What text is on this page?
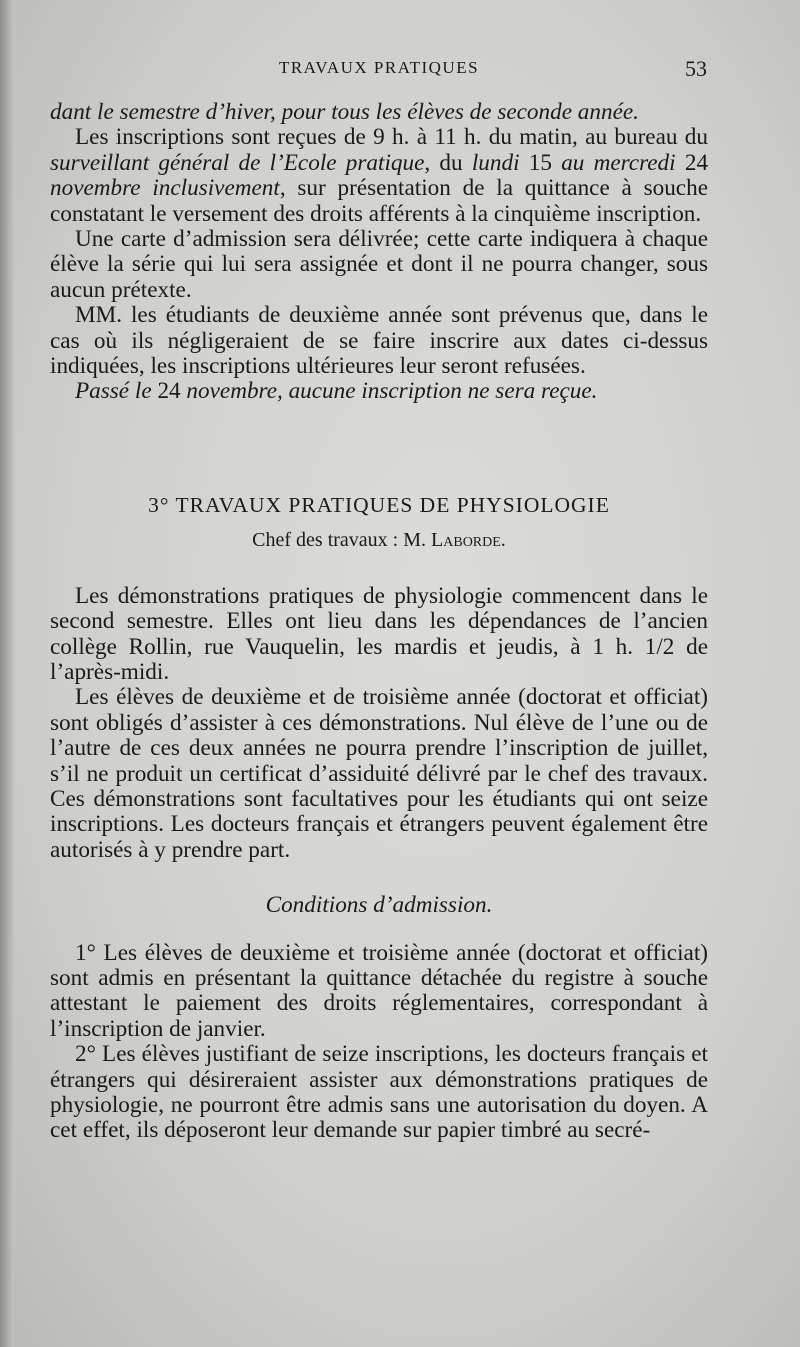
TRAVAUX PRATIQUES	53

dant le semestre d’hiver, pour tous les élèves de seconde année.

Les inscriptions sont reçues de 9 h. à 11 h. du matin, au bureau du surveillant général de l’Ecole pratique, du lundi 15 au mercredi 24 novembre inclusivement, sur présentation de la quittance à souche constatant le versement des droits afférents à la cinquième inscription.

Une carte d’admission sera délivrée; cette carte indiquera à chaque élève la série qui lui sera assignée et dont il ne pourra changer, sous aucun prétexte.

MM. les étudiants de deuxième année sont prévenus que, dans le cas où ils négligeraient de se faire inscrire aux dates ci-dessus indiquées, les inscriptions ultérieures leur seront refusées.

Passé le 24 novembre, aucune inscription ne sera reçue.

3° TRAVAUX PRATIQUES DE PHYSIOLOGIE

Chef des travaux : M. Laborde.

Les démonstrations pratiques de physiologie commencent dans le second semestre. Elles ont lieu dans les dépendances de l’ancien collège Rollin, rue Vauquelin, les mardis et jeudis, à 1 h. 1/2 de l’après-midi.

Les élèves de deuxième et de troisième année (doctorat et officiat) sont obligés d’assister à ces démonstrations. Nul élève de l’une ou de l’autre de ces deux années ne pourra prendre l’inscription de juillet, s’il ne produit un certificat d’assiduité délivré par le chef des travaux. Ces démonstrations sont facultatives pour les étudiants qui ont seize inscriptions. Les docteurs français et étrangers peuvent également être autorisés à y prendre part.

Conditions d’admission.

1° Les élèves de deuxième et troisième année (doctorat et officiat) sont admis en présentant la quittance détachée du registre à souche attestant le paiement des droits réglementaires, correspondant à l’inscription de janvier.

2° Les élèves justifiant de seize inscriptions, les docteurs français et étrangers qui désireraient assister aux démonstrations pratiques de physiologie, ne pourront être admis sans une autorisation du doyen. A cet effet, ils déposeront leur demande sur papier timbré au secré-
